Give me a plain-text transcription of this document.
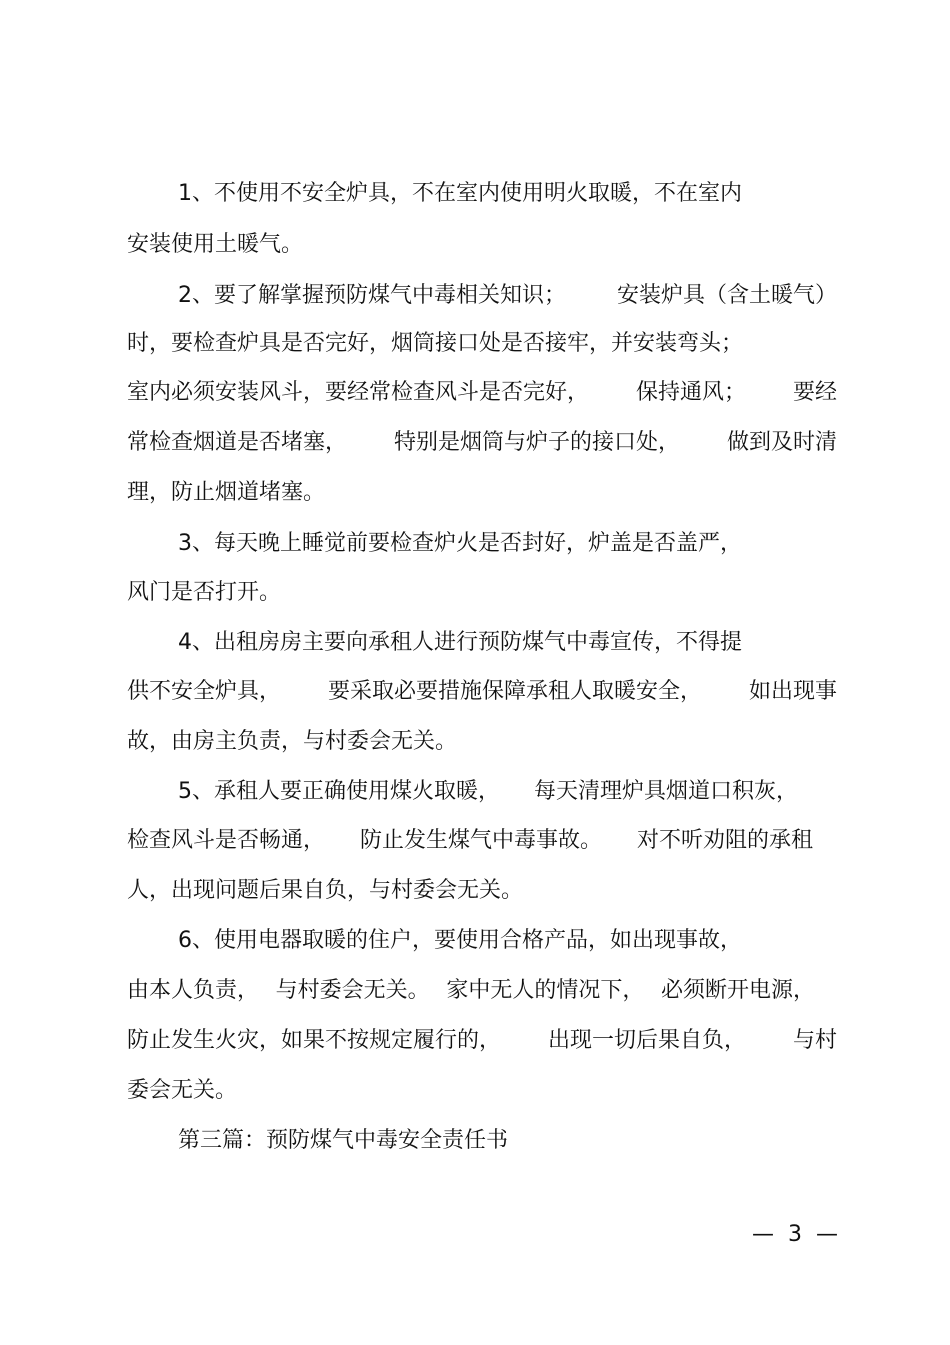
1、不使用不安全炉具，不在室内使用明火取暖，不在室内
安装使用土暖气。
2、要了解掌握预防煤气中毒相关知识； 安装炉具（含土暖气）
时，要检查炉具是否完好，烟筒接口处是否接牢，并安装弯头；
室内必须安装风斗，要经常检查风斗是否完好， 保持通风； 要经
常检查烟道是否堵塞， 特别是烟筒与炉子的接口处， 做到及时清
理，防止烟道堵塞。
3、每天晚上睡觉前要检查炉火是否封好，炉盖是否盖严，
风门是否打开。
4、出租房房主要向承租人进行预防煤气中毒宣传，不得提
供不安全炉具， 要采取必要措施保障承租人取暖安全， 如出现事
故，由房主负责，与村委会无关。
5、承租人要正确使用煤火取暖， 每天清理炉具烟道口积灰，
检查风斗是否畅通， 防止发生煤气中毒事故。 对不听劝阻的承租
人，出现问题后果自负，与村委会无关。
6、使用电器取暖的住户，要使用合格产品，如出现事故，
由本人负责， 与村委会无关。 家中无人的情况下， 必须断开电源，
防止发生火灾，如果不按规定履行的， 出现一切后果自负， 与村
委会无关。
第三篇：预防煤气中毒安全责任书
—  3  —
